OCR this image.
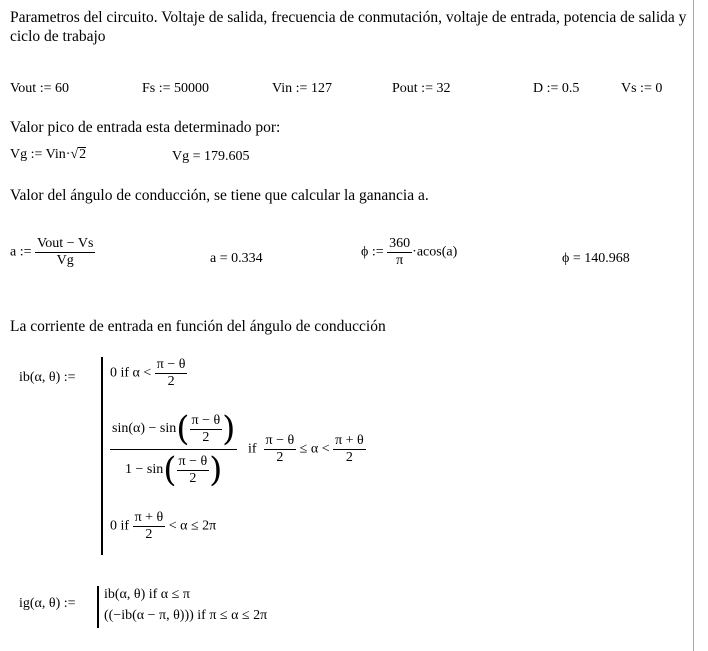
Parametros del circuito. Voltaje de salida, frecuencia de conmutación, voltaje de entrada, potencia de salida y ciclo de trabajo
Vout := 60	Fs := 50000	Vin := 127	Pout := 32	D := 0.5	Vs := 0
Valor pico de entrada esta determinado por:
Vg := Vin·√2	Vg = 179.605
Valor del ángulo de conducción, se tiene que calcular la ganancia a.
a := $\frac{\text{Vout − Vs}}{Vg}$	a = 0.334	ϕ := $\frac{360}{\pi} \cdot acos(a)$	ϕ = 140.968
La corriente de entrada en función del ángulo de conducción
ib(α, θ) := 0 if $\alpha < \frac{\pi - \theta}{2}$
$\frac{\sin(\alpha) - \sin( \frac{\pi - \theta}{2} )}{1 - \sin( \frac{\pi - \theta}{2} )}$ if $\frac{\pi - \theta}{2} \le \alpha < \frac{\pi + \theta}{2}$
0 if $\frac{\pi + \theta}{2} < \alpha \le 2\pi$
ig(α, θ) :=
ib(α, θ) if α ≤ π
((−ib(α − π, θ))) if π ≤ α ≤ 2π
